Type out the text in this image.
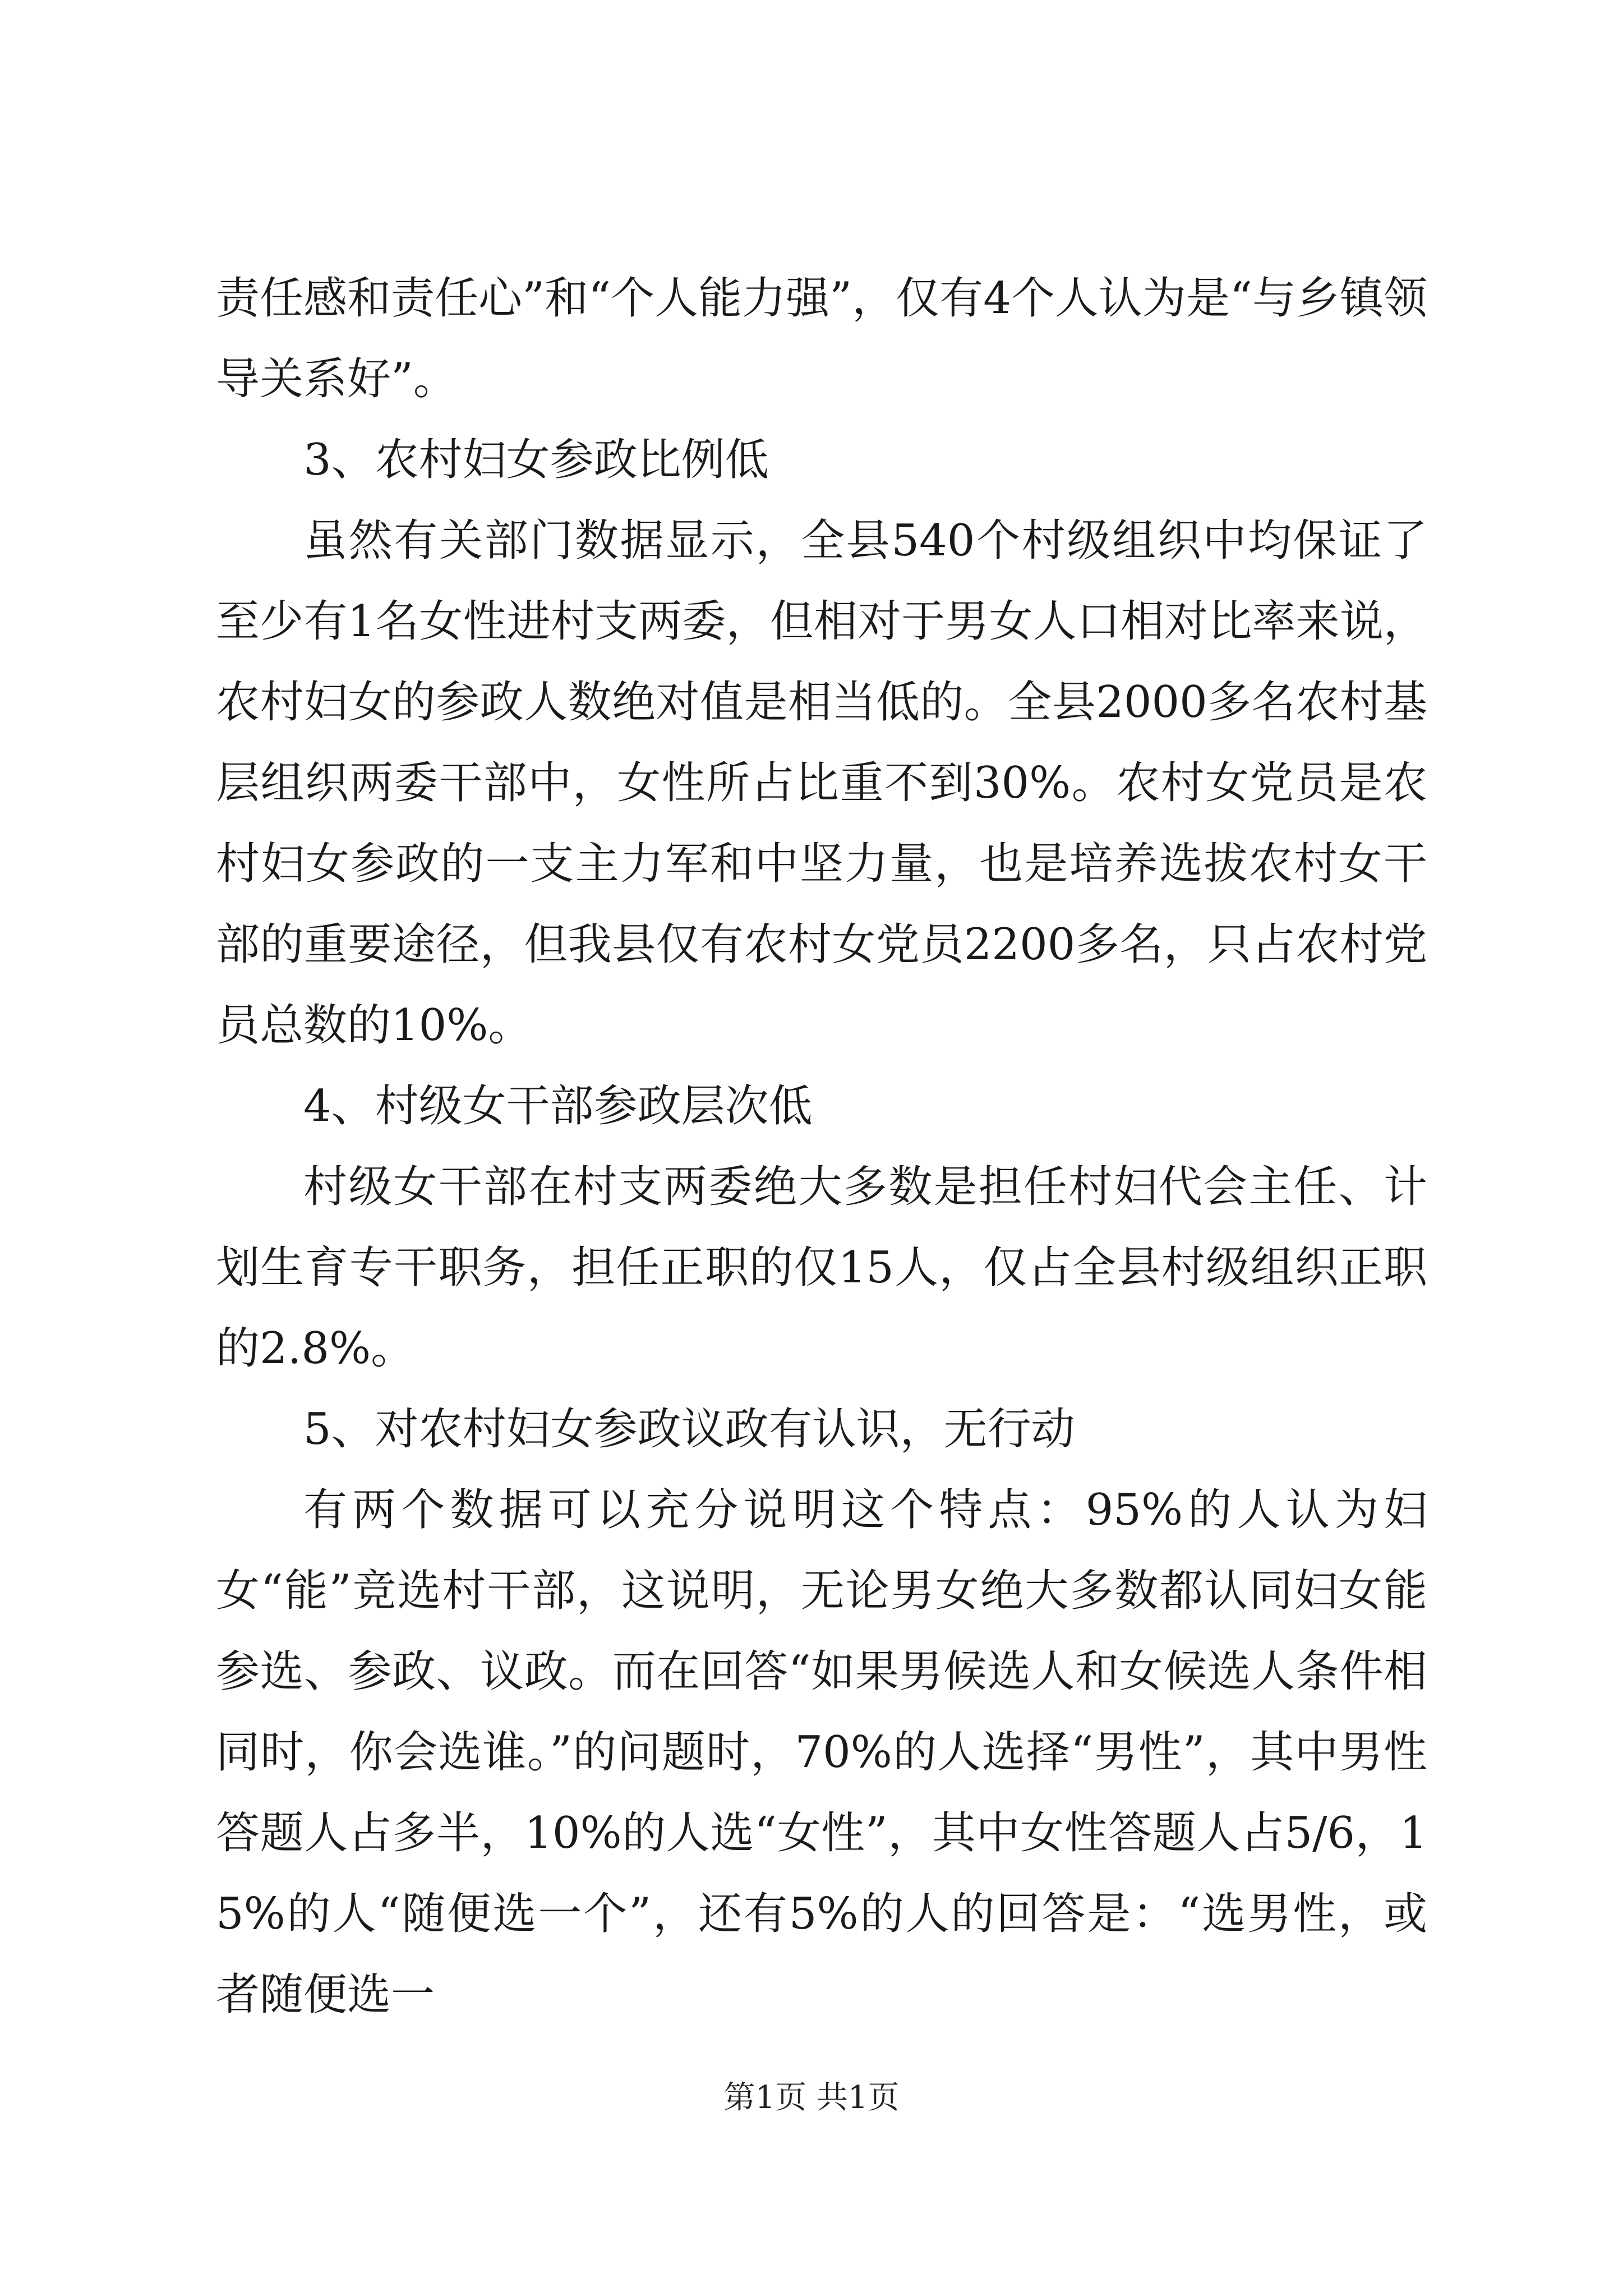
责任感和责任心”和“个人能力强”，仅有4个人认为是“与乡镇领导关系好”。

3、农村妇女参政比例低

虽然有关部门数据显示，全县540个村级组织中均保证了至少有1名女性进村支两委，但相对于男女人口相对比率来说，农村妇女的参政人数绝对值是相当低的。全县2000多名农村基层组织两委干部中，女性所占比重不到30%。农村女党员是农村妇女参政的一支主力军和中坚力量，也是培养选拔农村女干部的重要途径，但我县仅有农村女党员2200多名，只占农村党员总数的10%。

4、村级女干部参政层次低

村级女干部在村支两委绝大多数是担任村妇代会主任、计划生育专干职务，担任正职的仅15人，仅占全县村级组织正职的2.8%。

5、对农村妇女参政议政有认识，无行动

有两个数据可以充分说明这个特点：95%的人认为妇女“能”竞选村干部，这说明，无论男女绝大多数都认同妇女能参选、参政、议政。而在回答“如果男候选人和女候选人条件相同时，你会选谁。”的问题时，70%的人选择“男性”，其中男性答题人占多半，10%的人选“女性”，其中女性答题人占5/6，15%的人“随便选一个”，还有5%的人的回答是：“选男性，或者随便选一

第1页 共1页
